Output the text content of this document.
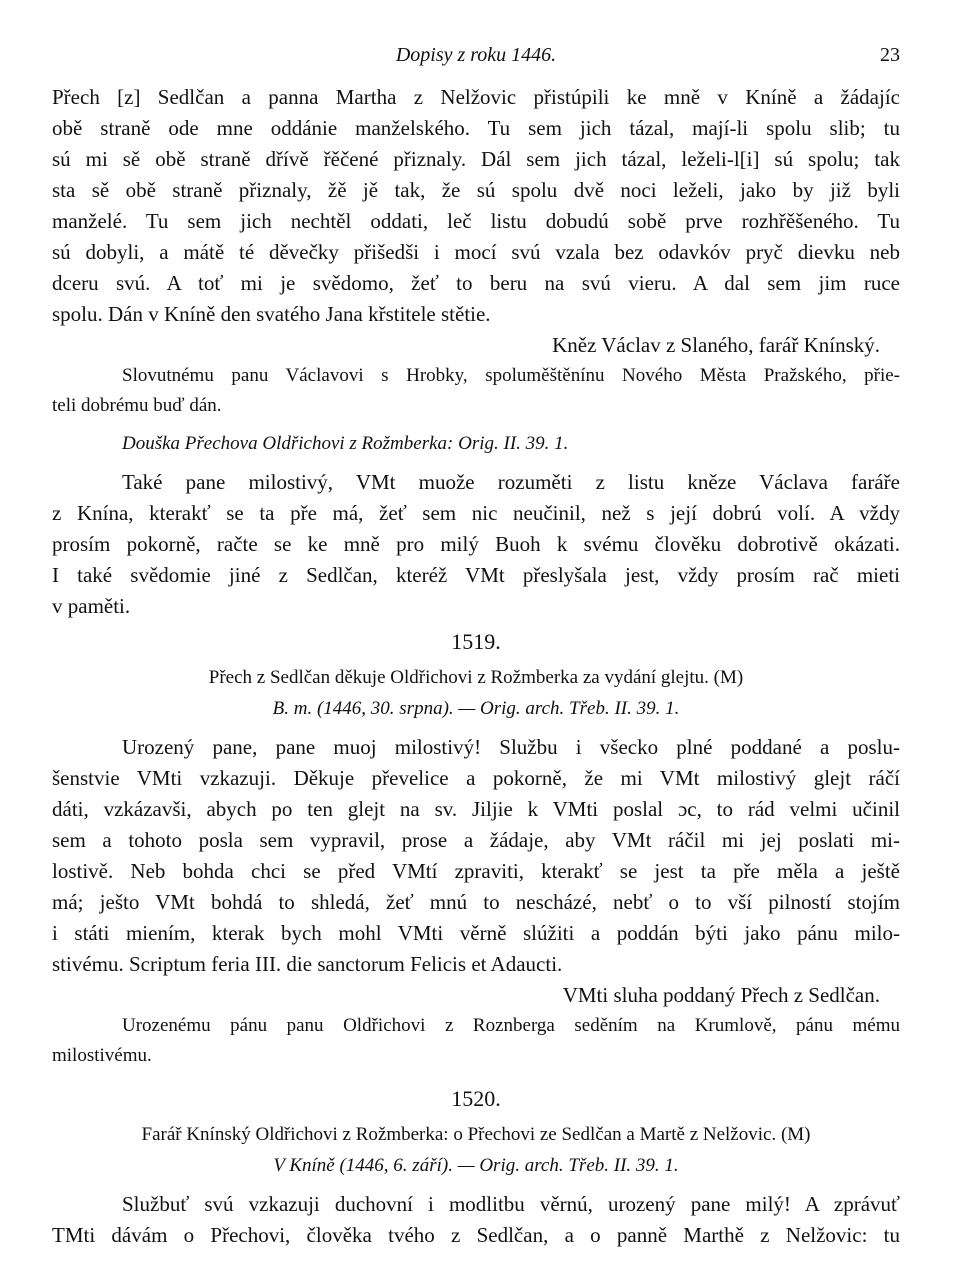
Dopisy z roku 1446.	23
Přech [z] Sedlčan a panna Martha z Nelžovic přistúpili ke mně v Kníně a žádajíc
obě straně ode mne oddánie manželského. Tu sem jich tázal, mají-li spolu slib; tu
sú mi sě obě straně dřívě řěčené přiznaly. Dál sem jich tázal, leželi-l[i] sú spolu; tak
sta sě obě straně přiznaly, žě jě tak, že sú spolu dvě noci leželi, jako by již byli
manželé. Tu sem jich nechtěl oddati, leč listu dobudú sobě prve rozhřěšeného. Tu
sú dobyli, a mátě té děvečky přišedši i mocí svú vzala bez odavkóv pryč dievku neb
dceru svú. A toť mi je svědomo, žeť to beru na svú vieru. A dal sem jim ruce
spolu. Dán v Kníně den svatého Jana křstitele stětie.
Kněz Václav z Slaného, farář Knínský.
Slovutnému panu Václavovi s Hrobky, spoluměštěnínu Nového Města Pražského, přie-
teli dobrému buď dán.
Douška Přechova Oldřichovi z Rožmberka: Orig. II. 39. 1.
Také pane milostivý, VMt muože rozuměti z listu kněze Václava faráře
z Knína, kterakť se ta pře má, žeť sem nic neučinil, než s její dobrú volí. A vždy
prosím pokorně, račte se ke mně pro milý Buoh k svému člověku dobrotivě okázati.
I také svědomie jiné z Sedlčan, kteréž VMt přeslyšala jest, vždy prosím rač mieti
v paměti.
1519.
Přech z Sedlčan děkuje Oldřichovi z Rožmberka za vydání glejtu. (M)
B. m. (1446, 30. srpna). — Orig. arch. Třeb. II. 39. 1.
Urozený pane, pane muoj milostivý! Službu i všecko plné poddané a poslu-
šenstvie VMti vzkazuji. Děkuje převelice a pokorně, že mi VMt milostivý glejt ráčí
dáti, vzkázavši, abych po ten glejt na sv. Jiljie k VMti poslal ɔc, to rád velmi učinil
sem a tohoto posla sem vypravil, prose a žádaje, aby VMt ráčil mi jej poslati mi-
lostivě. Neb bohda chci se před VMtí zpraviti, kterakť se jest ta pře měla a ještě
má; ješto VMt bohdá to shledá, žeť mnú to nescházé, nebť o to vší pilností stojím
i státi miením, kterak bych mohl VMti věrně slúžiti a poddán býti jako pánu milo-
stivému. Scriptum feria III. die sanctorum Felicis et Adaucti.
VMti sluha poddaný Přech z Sedlčan.
Urozenému pánu panu Oldřichovi z Roznberga seděním na Krumlově, pánu mému
milostivému.
1520.
Farář Knínský Oldřichovi z Rožmberka: o Přechovi ze Sedlčan a Martě z Nelžovic. (M)
V Kníně (1446, 6. září). — Orig. arch. Třeb. II. 39. 1.
Službuť svú vzkazuji duchovní i modlitbu věrnú, urozený pane milý! A zprávuť
TMti dávám o Přechovi, člověka tvého z Sedlčan, a o panně Marthě z Nelžovic: tu
